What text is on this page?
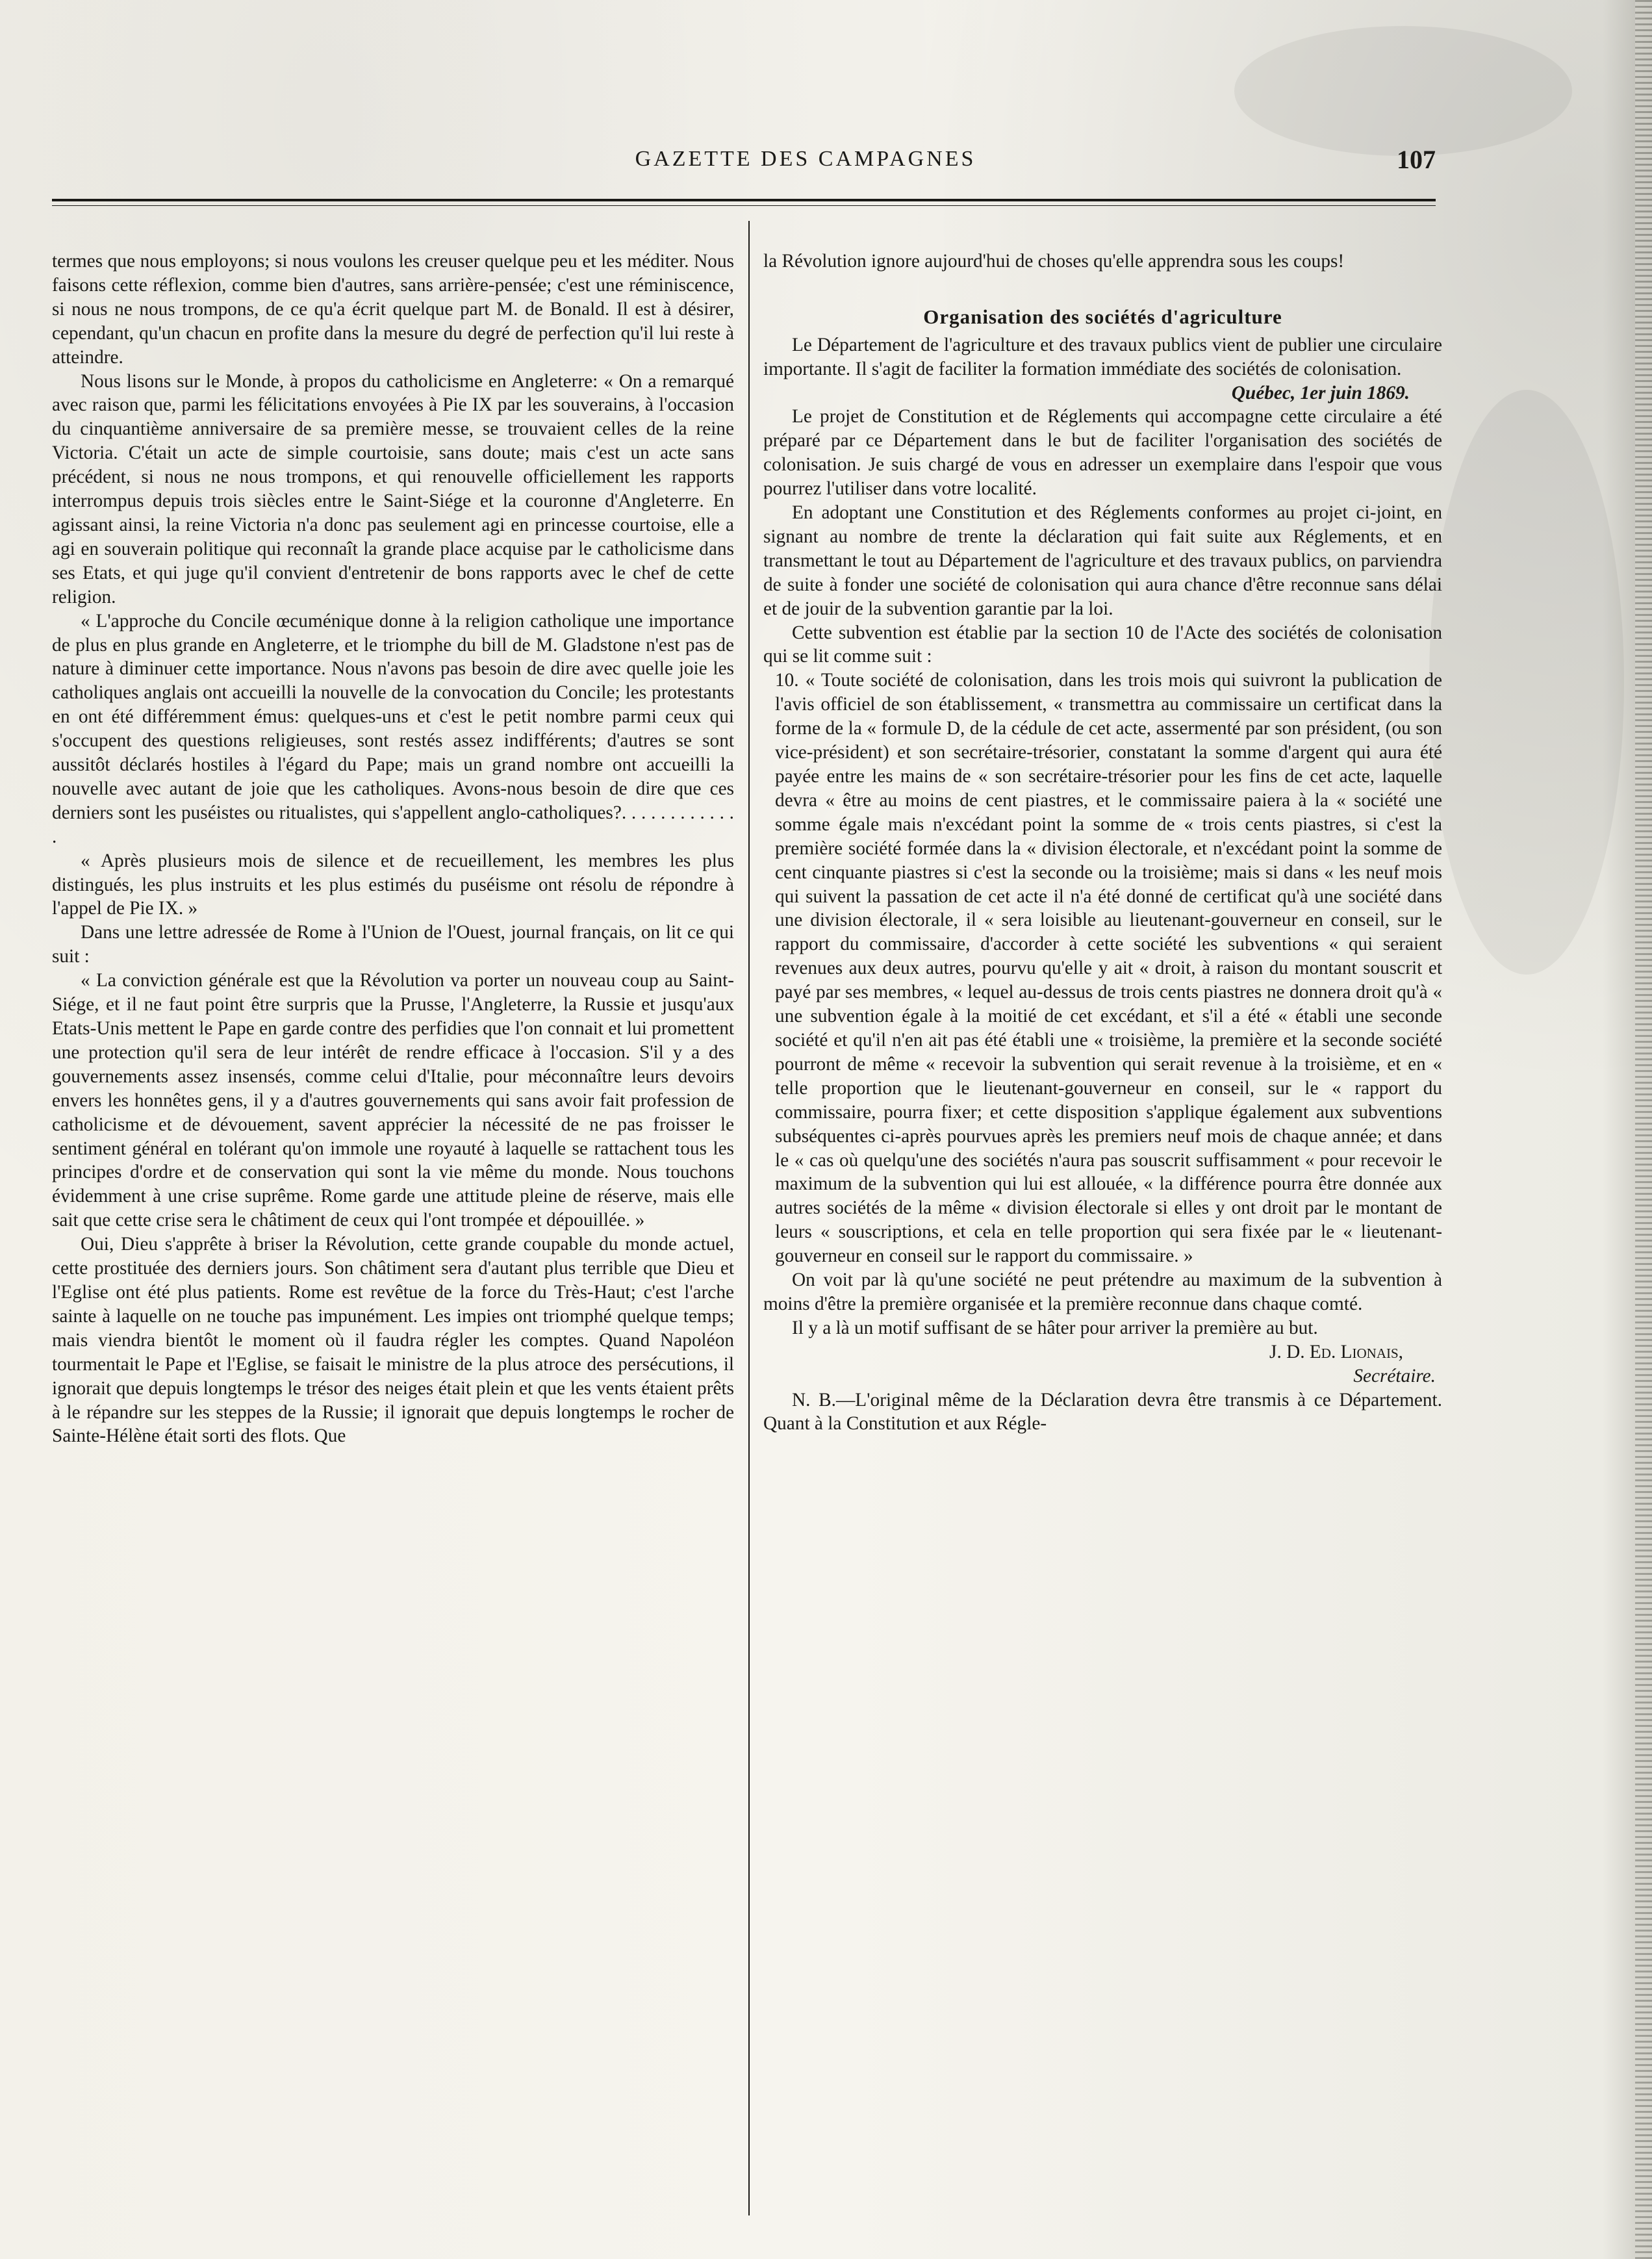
GAZETTE DES CAMPAGNES	107

termes que nous employons; si nous voulons les creuser quelque peu et les méditer. Nous faisons cette réflexion, comme bien d'autres, sans arrière-pensée; c'est une réminiscence, si nous ne nous trompons, de ce qu'a écrit quelque part M. de Bonald. Il est à désirer, cependant, qu'un chacun en profite dans la mesure du degré de perfection qu'il lui reste à atteindre.

Nous lisons sur le Monde, à propos du catholicisme en Angleterre: « On a remarqué avec raison que, parmi les félicitations envoyées à Pie IX par les souverains, à l'occasion du cinquantième anniversaire de sa première messe, se trouvaient celles de la reine Victoria. C'était un acte de simple courtoisie, sans doute; mais c'est un acte sans précédent, si nous ne nous trompons, et qui renouvelle officiellement les rapports interrompus depuis trois siècles entre le Saint-Siége et la couronne d'Angleterre. En agissant ainsi, la reine Victoria n'a donc pas seulement agi en princesse courtoise, elle a agi en souverain politique qui reconnaît la grande place acquise par le catholicisme dans ses Etats, et qui juge qu'il convient d'entretenir de bons rapports avec le chef de cette religion.

« L'approche du Concile œcuménique donne à la religion catholique une importance de plus en plus grande en Angleterre, et le triomphe du bill de M. Gladstone n'est pas de nature à diminuer cette importance. Nous n'avons pas besoin de dire avec quelle joie les catholiques anglais ont accueilli la nouvelle de la convocation du Concile; les protestants en ont été différemment émus: quelques-uns et c'est le petit nombre parmi ceux qui s'occupent des questions religieuses, sont restés assez indifférents; d'autres se sont aussitôt déclarés hostiles à l'égard du Pape; mais un grand nombre ont accueilli la nouvelle avec autant de joie que les catholiques. Avons-nous besoin de dire que ces derniers sont les puséistes ou ritualistes, qui s'appellent anglo-catholiques?. . . . . . . . . . . . .

« Après plusieurs mois de silence et de recueillement, les membres les plus distingués, les plus instruits et les plus estimés du puséisme ont résolu de répondre à l'appel de Pie IX. »

Dans une lettre adressée de Rome à l'Union de l'Ouest, journal français, on lit ce qui suit :

« La conviction générale est que la Révolution va porter un nouveau coup au Saint-Siége, et il ne faut point être surpris que la Prusse, l'Angleterre, la Russie et jusqu'aux Etats-Unis mettent le Pape en garde contre des perfidies que l'on connait et lui promettent une protection qu'il sera de leur intérêt de rendre efficace à l'occasion. S'il y a des gouvernements assez insensés, comme celui d'Italie, pour méconnaître leurs devoirs envers les honnêtes gens, il y a d'autres gouvernements qui sans avoir fait profession de catholicisme et de dévouement, savent apprécier la nécessité de ne pas froisser le sentiment général en tolérant qu'on immole une royauté à laquelle se rattachent tous les principes d'ordre et de conservation qui sont la vie même du monde. Nous touchons évidemment à une crise suprême. Rome garde une attitude pleine de réserve, mais elle sait que cette crise sera le châtiment de ceux qui l'ont trompée et dépouillée. »

Oui, Dieu s'apprête à briser la Révolution, cette grande coupable du monde actuel, cette prostituée des derniers jours. Son châtiment sera d'autant plus terrible que Dieu et l'Eglise ont été plus patients. Rome est revêtue de la force du Très-Haut; c'est l'arche sainte à laquelle on ne touche pas impunément. Les impies ont triomphé quelque temps; mais viendra bientôt le moment où il faudra régler les comptes. Quand Napoléon tourmentait le Pape et l'Eglise, se faisait le ministre de la plus atroce des persécutions, il ignorait que depuis longtemps le trésor des neiges était plein et que les vents étaient prêts à le répandre sur les steppes de la Russie; il ignorait que depuis longtemps le rocher de Sainte-Hélène était sorti des flots. Que

la Révolution ignore aujourd'hui de choses qu'elle apprendra sous les coups!

Organisation des sociétés d'agriculture

Le Département de l'agriculture et des travaux publics vient de publier une circulaire importante. Il s'agit de faciliter la formation immédiate des sociétés de colonisation.

Québec, 1er juin 1869.

Le projet de Constitution et de Réglements qui accompagne cette circulaire a été préparé par ce Département dans le but de faciliter l'organisation des sociétés de colonisation. Je suis chargé de vous en adresser un exemplaire dans l'espoir que vous pourrez l'utiliser dans votre localité.

En adoptant une Constitution et des Réglements conformes au projet ci-joint, en signant au nombre de trente la déclaration qui fait suite aux Réglements, et en transmettant le tout au Département de l'agriculture et des travaux publics, on parviendra de suite à fonder une société de colonisation qui aura chance d'être reconnue sans délai et de jouir de la subvention garantie par la loi.

Cette subvention est établie par la section 10 de l'Acte des sociétés de colonisation qui se lit comme suit :

10. « Toute société de colonisation, dans les trois mois qui suivront la publication de l'avis officiel de son établissement, « transmettra au commissaire un certificat dans la forme de la « formule D, de la cédule de cet acte, assermenté par son président, (ou son vice-président) et son secrétaire-trésorier, constatant la somme d'argent qui aura été payée entre les mains de « son secrétaire-trésorier pour les fins de cet acte, laquelle devra « être au moins de cent piastres, et le commissaire paiera à la « société une somme égale mais n'excédant point la somme de « trois cents piastres, si c'est la première société formée dans la « division électorale, et n'excédant point la somme de cent cinquante piastres si c'est la seconde ou la troisième; mais si dans « les neuf mois qui suivent la passation de cet acte il n'a été donné de certificat qu'à une société dans une division électorale, il « sera loisible au lieutenant-gouverneur en conseil, sur le rapport du commissaire, d'accorder à cette société les subventions « qui seraient revenues aux deux autres, pourvu qu'elle y ait « droit, à raison du montant souscrit et payé par ses membres, « lequel au-dessus de trois cents piastres ne donnera droit qu'à « une subvention égale à la moitié de cet excédant, et s'il a été « établi une seconde société et qu'il n'en ait pas été établi une « troisième, la première et la seconde société pourront de même « recevoir la subvention qui serait revenue à la troisième, et en « telle proportion que le lieutenant-gouverneur en conseil, sur le « rapport du commissaire, pourra fixer; et cette disposition s'applique également aux subventions subséquentes ci-après pourvues après les premiers neuf mois de chaque année; et dans le « cas où quelqu'une des sociétés n'aura pas souscrit suffisamment « pour recevoir le maximum de la subvention qui lui est allouée, « la différence pourra être donnée aux autres sociétés de la même « division électorale si elles y ont droit par le montant de leurs « souscriptions, et cela en telle proportion qui sera fixée par le « lieutenant-gouverneur en conseil sur le rapport du commissaire. »

On voit par là qu'une société ne peut prétendre au maximum de la subvention à moins d'être la première organisée et la première reconnue dans chaque comté.

Il y a là un motif suffisant de se hâter pour arriver la première au but.

J. D. Ed. Lionais,
Secrétaire.

N. B.—L'original même de la Déclaration devra être transmis à ce Département. Quant à la Constitution et aux Régle-
